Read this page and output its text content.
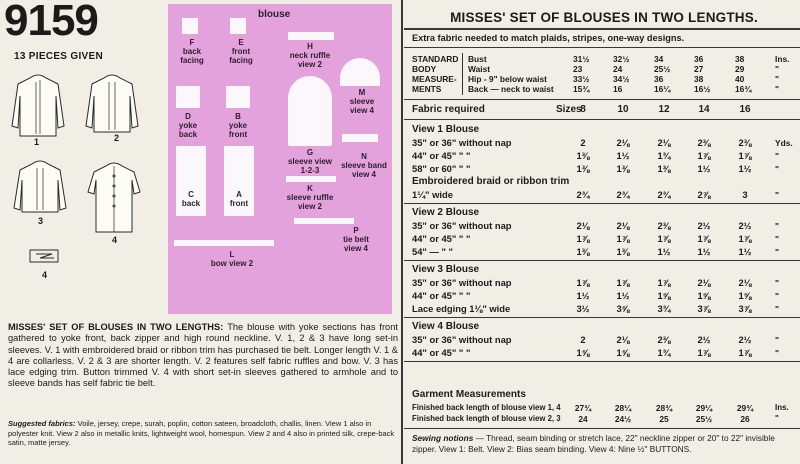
9159
13 PIECES GIVEN
1	2
3
4
4
blouse
F
back facing
E
front facing
H
neck ruffle view 2
M
sleeve view 4
D
yoke back
B
yoke front
G
sleeve view 1-2-3
N
sleeve band view 4
C
back
A
front
K
sleeve ruffle view 2
P
tie belt view 4
L
bow view 2
MISSES' SET OF BLOUSES IN TWO LENGTHS: The blouse with yoke sections has front gathered to yoke front, back zipper and high round neckline. V. 1, 2 & 3 have long set-in sleeves. V. 1 with embroidered braid or ribbon trim has purchased tie belt. Longer length V. 1 & 4 are collarless. V. 2 & 3 are shorter length. V. 2 features self fabric ruffles and bow. V. 3 has lace edging trim. Button trimmed V. 4 with short set-in sleeves gathered to armhole and to sleeve bands has self fabric tie belt.
Suggested fabrics: Voile, jersey, crepe, surah, poplin, cotton sateen, broadcloth, challis, linen. View 1 also in polyester knit. View 2 also in metallic knits, lightweight wool, homespun. View 2 and 4 also in printed silk, crepe-back satin, matte jersey.
MISSES' SET OF BLOUSES IN TWO LENGTHS.
Extra fabric needed to match plaids, stripes, one-way designs.
STANDARD
BODY
MEASURE-
MENTS
Bust	31½	32½	34	36	38	Ins.
Waist	23	24	25½	27	29	"
Hip - 9" below waist	33½	34½	36	38	40	"
Back — neck to waist 15¾	16	16¼	16½	16¾	"
Fabric required	Sizes
8	10	12	14	16
View 1 Blouse
35" or 36" without nap	2	2⅛	2⅛	2⅜	2⅜	Yds.
44" or 45" " "	1⅜	1½	1¾	1⅞	1⅞	"
58" or 60" " "	1⅜	1⅜	1⅜	1½	1½	"
Embroidered braid or ribbon trim
1¼" wide	2¾	2¾	2¾	2⅞	3	"
View 2 Blouse
35" or 36" without nap	2⅛	2⅛	2⅜	2½	2½	"
44" or 45" " "	1⅞	1⅞	1⅞	1⅞	1⅞	"
54" — " "	1⅜	1⅜	1½	1½	1½	"
View 3 Blouse
35" or 36" without nap	1⅞	1⅞	1⅞	2⅛	2⅛	"
44" or 45" " "	1½	1½	1⅝	1⅝	1⅝	"
Lace edging 1⅛" wide	3½	3⅝	3¾	3⅞	3⅞	"
View 4 Blouse
35" or 36" without nap	2	2⅛	2⅜	2½	2½	"
44" or 45" " "	1⅝	1⅝	1¾	1⅞	1⅞	"
Garment Measurements
Finished back length of blouse view 1, 4	27¾	28¼	28¾	29¼	29¾	Ins.
Finished back length of blouse view 2, 3	24	24½	25	25½	26	"
Sewing notions — Thread, seam binding or stretch lace, 22" neckline zipper or 20" to 22" invisible zipper. View 1: Belt. View 2: Bias seam binding. View 4: Nine ½" BUTTONS.
